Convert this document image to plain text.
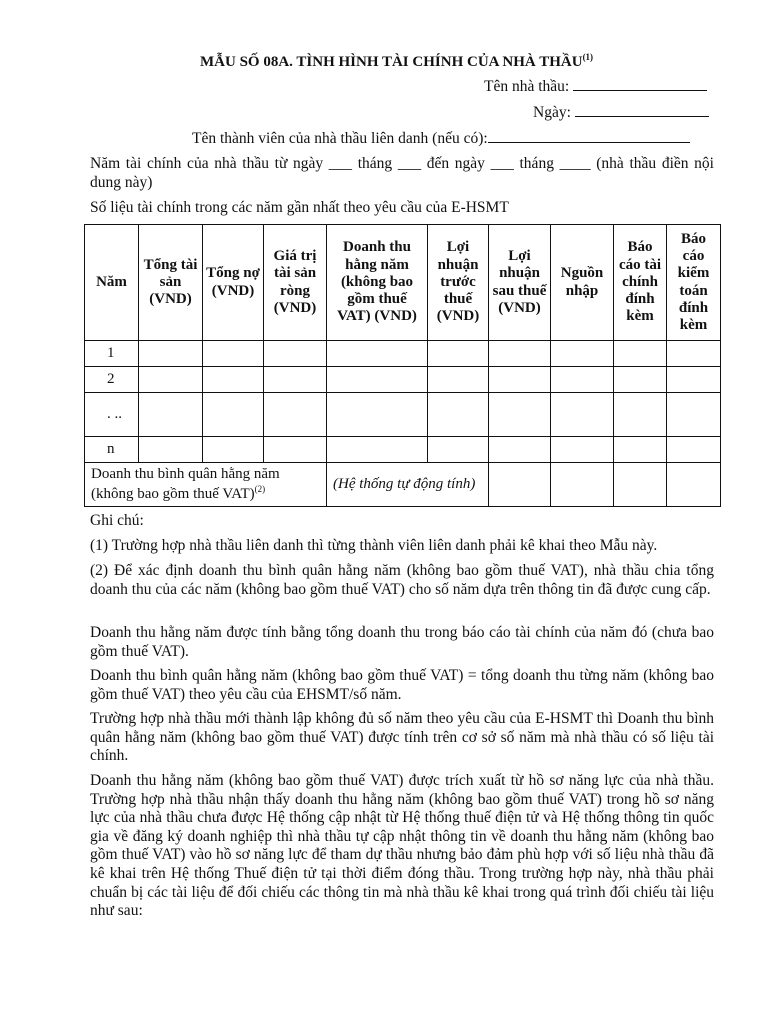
MẪU SỐ 08A. TÌNH HÌNH TÀI CHÍNH CỦA NHÀ THẦU$^{(1)}$
Tên nhà thầu:
Ngày:
Tên thành viên của nhà thầu liên danh (nếu có):
Năm tài chính của nhà thầu từ ngày ___ tháng ___ đến ngày ___ tháng ____ (nhà thầu điền nội dung này)
Số liệu tài chính trong các năm gần nhất theo yêu cầu của E-HSMT
Năm	Tổng tài sản (VND)	Tổng nợ (VND)	Giá trị tài sản ròng (VND)	Doanh thu hằng năm (không bao gồm thuế VAT) (VND)	Lợi nhuận trước thuế (VND)	Lợi nhuận sau thuế (VND)	Nguồn nhập	Báo cáo tài chính đính kèm	Báo cáo kiểm toán đính kèm
1									
2									
. ..									
n									
Doanh thu bình quân hằng năm (không bao gồm thuế VAT)$^{(2)}$				(Hệ thống tự động tính)					
Ghi chú:
(1) Trường hợp nhà thầu liên danh thì từng thành viên liên danh phải kê khai theo Mẫu này.
(2) Để xác định doanh thu bình quân hằng năm (không bao gồm thuế VAT), nhà thầu chia tổng doanh thu của các năm (không bao gồm thuế VAT) cho số năm dựa trên thông tin đã được cung cấp.
Doanh thu hằng năm được tính bằng tổng doanh thu trong báo cáo tài chính của năm đó (chưa bao gồm thuế VAT).
Doanh thu bình quân hằng năm (không bao gồm thuế VAT) = tổng doanh thu từng năm (không bao gồm thuế VAT) theo yêu cầu của EHSMT/số năm.
Trường hợp nhà thầu mới thành lập không đủ số năm theo yêu cầu của E-HSMT thì Doanh thu bình quân hằng năm (không bao gồm thuế VAT) được tính trên cơ sở số năm mà nhà thầu có số liệu tài chính.
Doanh thu hằng năm (không bao gồm thuế VAT) được trích xuất từ hồ sơ năng lực của nhà thầu. Trường hợp nhà thầu nhận thấy doanh thu hằng năm (không bao gồm thuế VAT) trong hồ sơ năng lực của nhà thầu chưa được Hệ thống cập nhật từ Hệ thống thuế điện tử và Hệ thống thông tin quốc gia về đăng ký doanh nghiệp thì nhà thầu tự cập nhật thông tin về doanh thu hằng năm (không bao gồm thuế VAT) vào hồ sơ năng lực để tham dự thầu nhưng bảo đảm phù hợp với số liệu nhà thầu đã kê khai trên Hệ thống Thuế điện tử tại thời điểm đóng thầu. Trong trường hợp này, nhà thầu phải chuẩn bị các tài liệu để đối chiếu các thông tin mà nhà thầu kê khai trong quá trình đối chiếu tài liệu như sau:
